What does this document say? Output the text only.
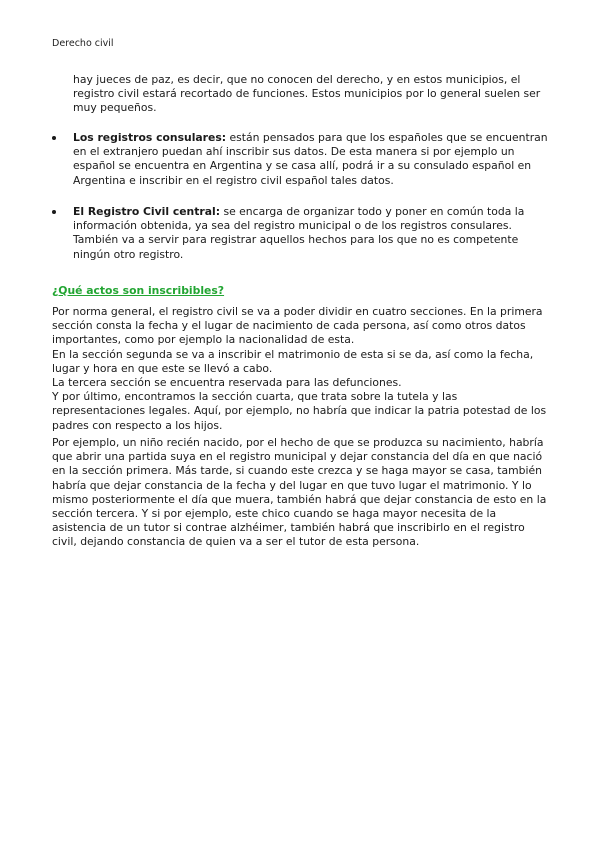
Derecho civil
hay jueces de paz, es decir, que no conocen del derecho, y en estos municipios, el registro civil estará recortado de funciones. Estos municipios por lo general suelen ser muy pequeños.
Los registros consulares: están pensados para que los españoles que se encuentran en el extranjero puedan ahí inscribir sus datos. De esta manera si por ejemplo un español se encuentra en Argentina y se casa allí, podrá ir a su consulado español en Argentina e inscribir en el registro civil español tales datos.
El Registro Civil central: se encarga de organizar todo y poner en común toda la información obtenida, ya sea del registro municipal o de los registros consulares. También va a servir para registrar aquellos hechos para los que no es competente ningún otro registro.
¿Qué actos son inscribibles?
Por norma general, el registro civil se va a poder dividir en cuatro secciones. En la primera sección consta la fecha y el lugar de nacimiento de cada persona, así como otros datos importantes, como por ejemplo la nacionalidad de esta.
En la sección segunda se va a inscribir el matrimonio de esta si se da, así como la fecha, lugar y hora en que este se llevó a cabo.
La tercera sección se encuentra reservada para las defunciones.
Y por último, encontramos la sección cuarta, que trata sobre la tutela y las representaciones legales. Aquí, por ejemplo, no habría que indicar la patria potestad de los padres con respecto a los hijos.
Por ejemplo, un niño recién nacido, por el hecho de que se produzca su nacimiento, habría que abrir una partida suya en el registro municipal y dejar constancia del día en que nació en la sección primera. Más tarde, si cuando este crezca y se haga mayor se casa, también habría que dejar constancia de la fecha y del lugar en que tuvo lugar el matrimonio. Y lo mismo posteriormente el día que muera, también habrá que dejar constancia de esto en la sección tercera. Y si por ejemplo, este chico cuando se haga mayor necesita de la asistencia de un tutor si contrae alzhéimer, también habrá que inscribirlo en el registro civil, dejando constancia de quien va a ser el tutor de esta persona.
